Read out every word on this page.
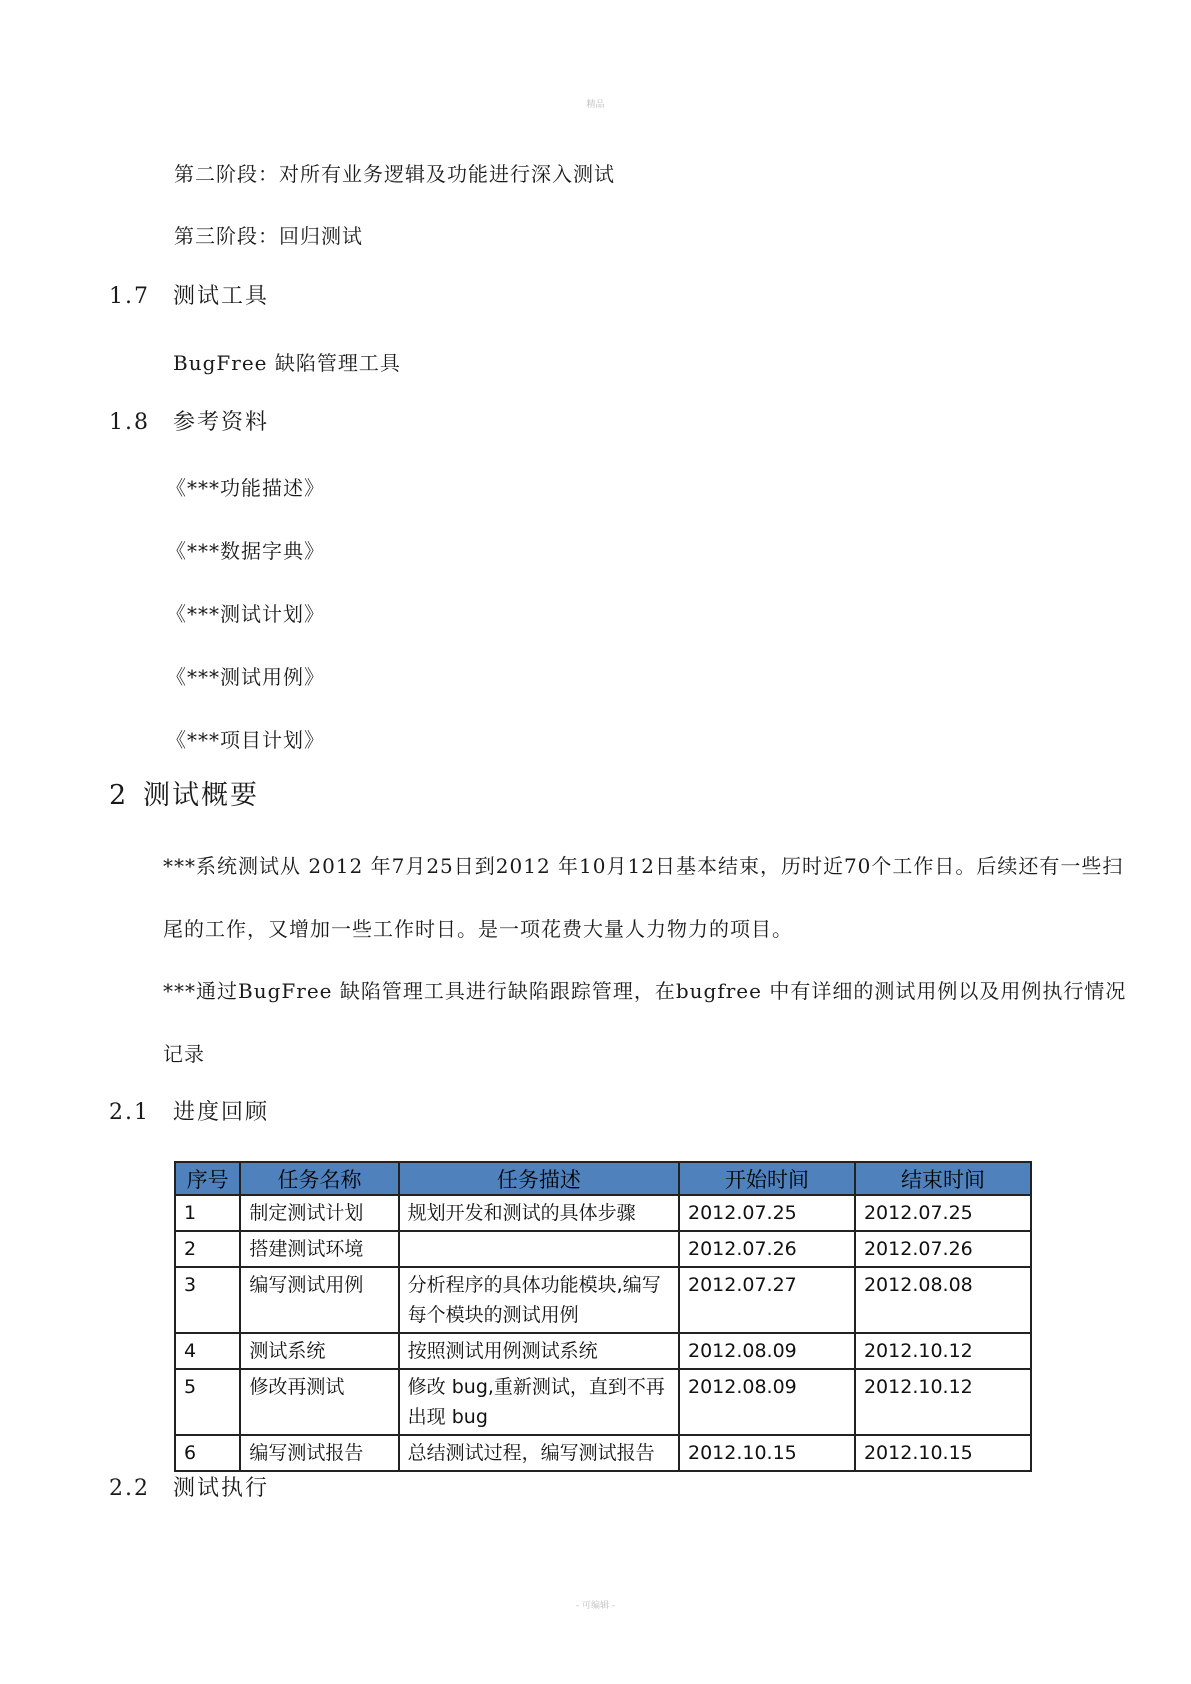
精品
第二阶段：对所有业务逻辑及功能进行深入测试
第三阶段：回归测试
1.7 测试工具
BugFree 缺陷管理工具
1.8 参考资料
《***功能描述》
《***数据字典》
《***测试计划》
《***测试用例》
《***项目计划》
2 测试概要
***系统测试从 2012 年7月25日到2012 年10月12日基本结束，历时近70个工作日。后续还有一些扫
尾的工作，又增加一些工作时日。是一项花费大量人力物力的项目。
***通过BugFree 缺陷管理工具进行缺陷跟踪管理，在bugfree 中有详细的测试用例以及用例执行情况
记录
2.1 进度回顾
序号	任务名称	任务描述	开始时间	结束时间
1	制定测试计划	规划开发和测试的具体步骤	2012.07.25	2012.07.25
2	搭建测试环境		2012.07.26	2012.07.26
3	编写测试用例	分析程序的具体功能模块,编写每个模块的测试用例	2012.07.27	2012.08.08
4	测试系统	按照测试用例测试系统	2012.08.09	2012.10.12
5	修改再测试	修改 bug,重新测试，直到不再出现 bug	2012.08.09	2012.10.12
6	编写测试报告	总结测试过程，编写测试报告	2012.10.15	2012.10.15
2.2 测试执行
- 可编辑 -
